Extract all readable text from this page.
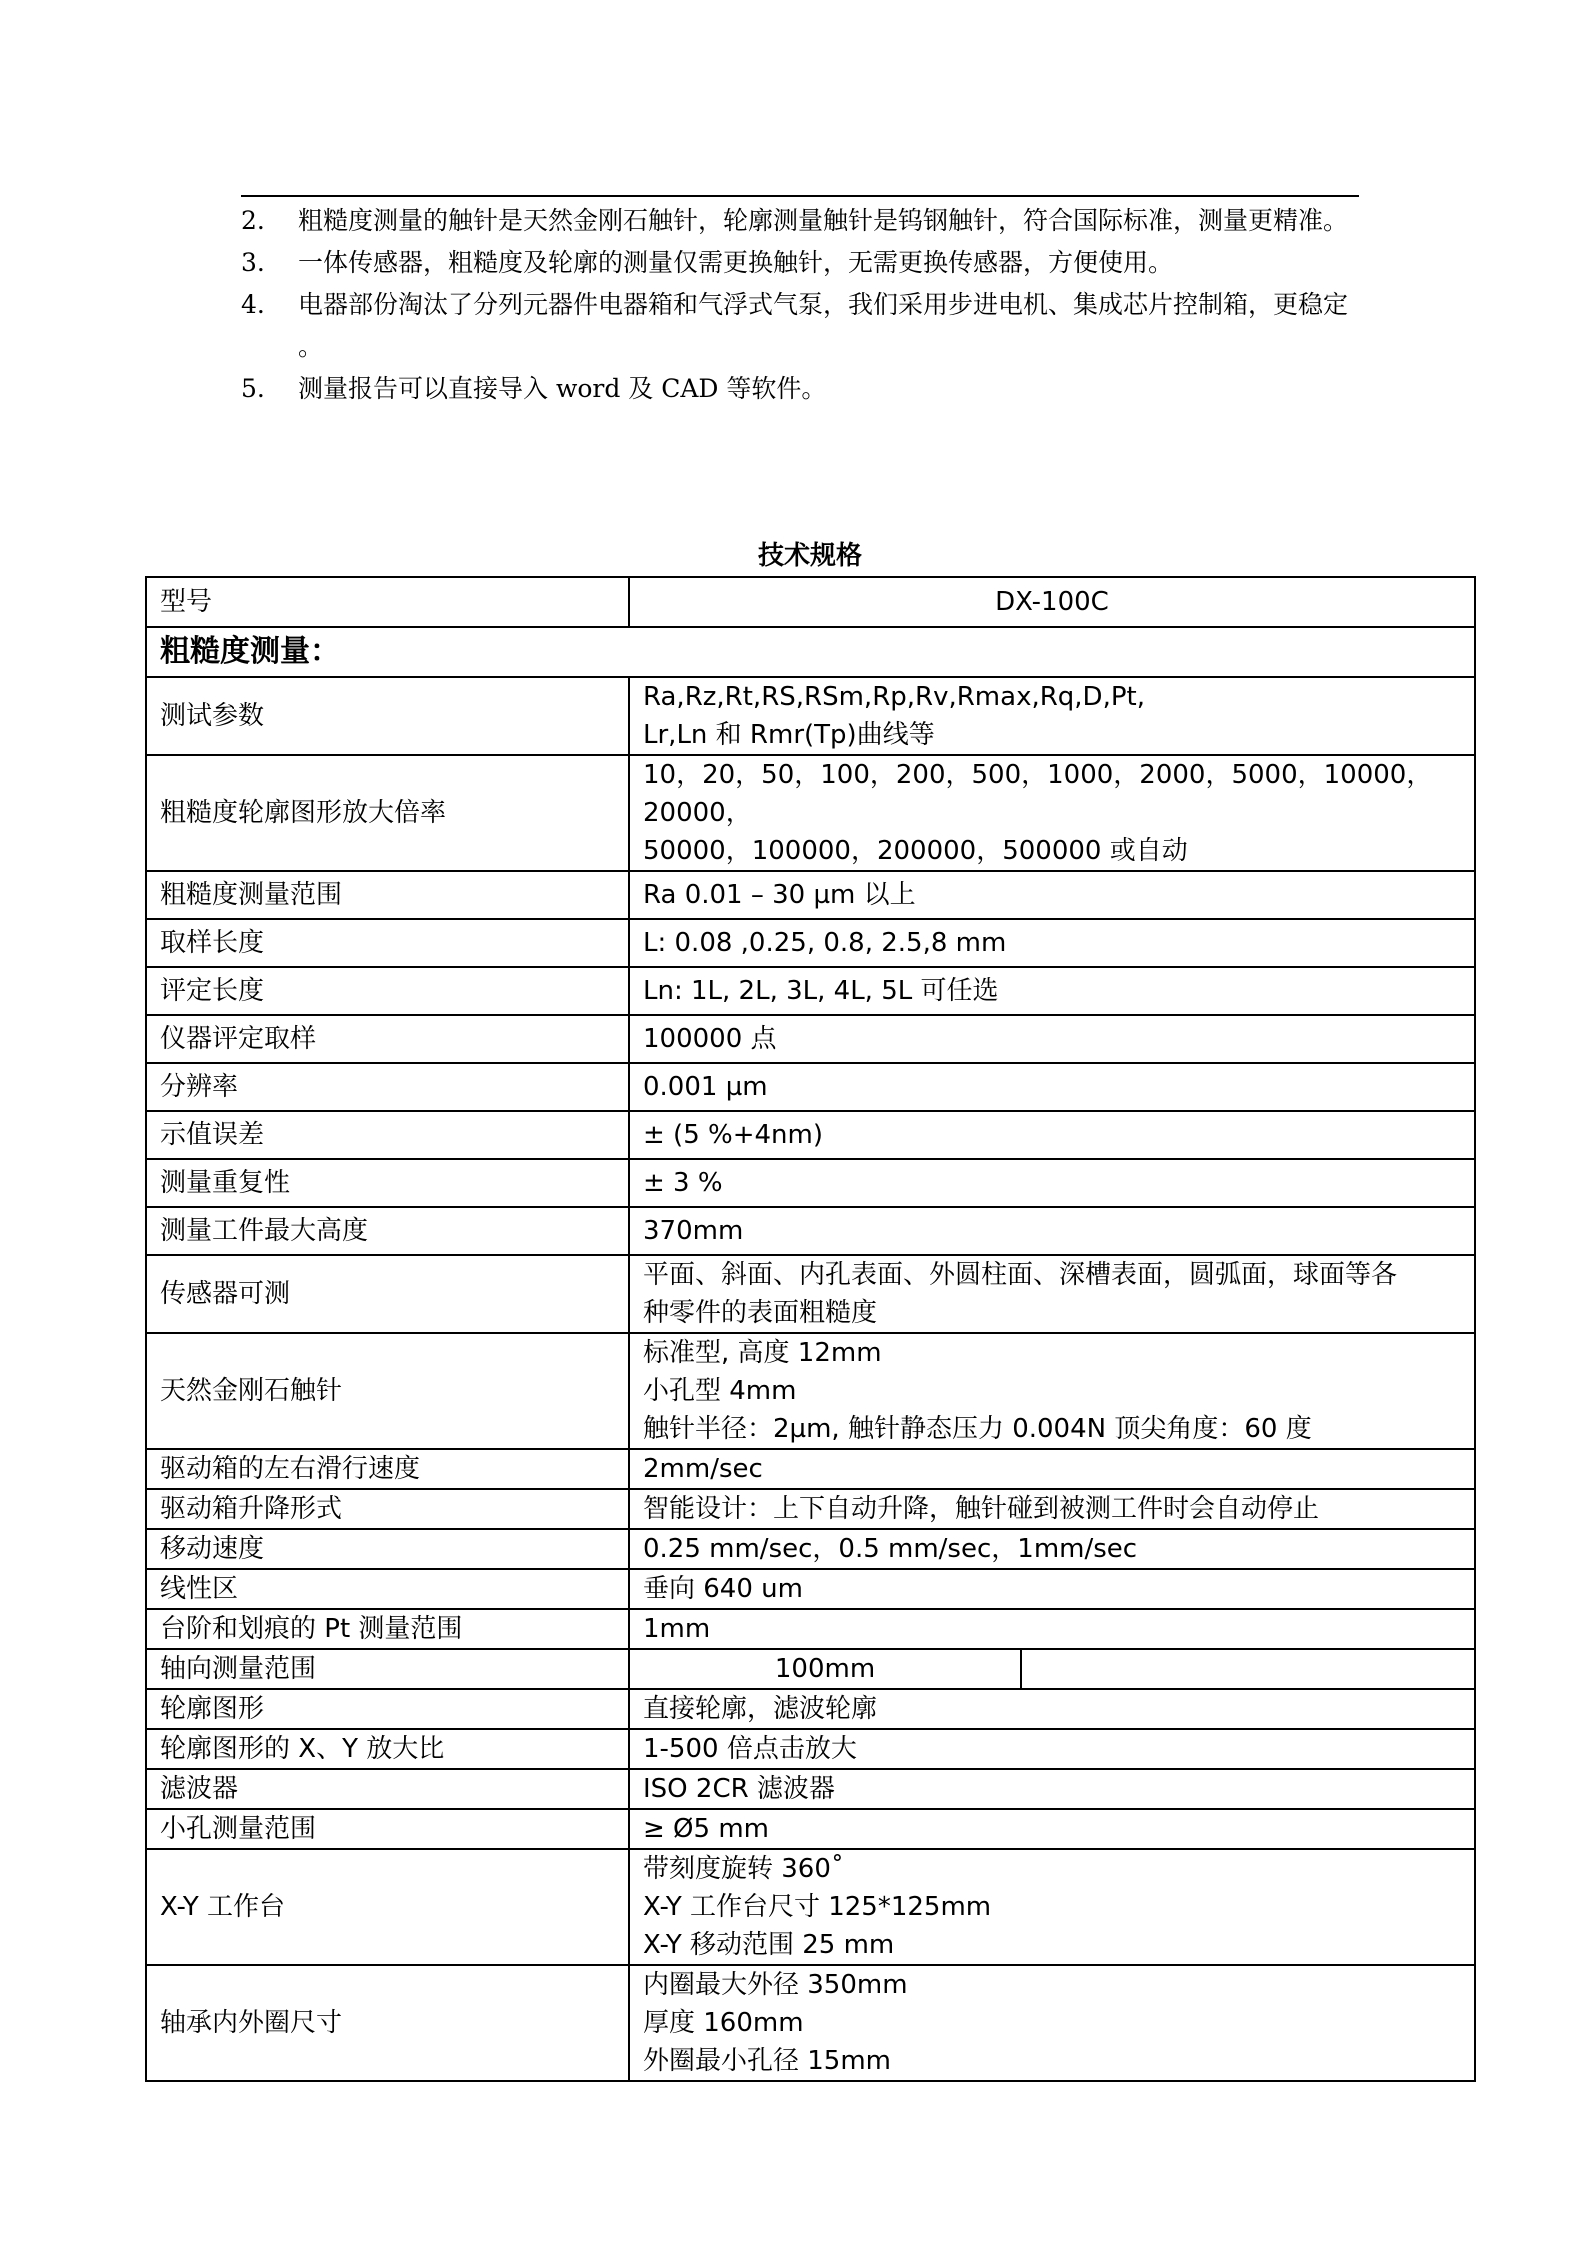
2.	粗糙度测量的触针是天然金刚石触针，轮廓测量触针是钨钢触针，符合国际标准，测量更精准。
3.	一体传感器，粗糙度及轮廓的测量仅需更换触针，无需更换传感器，方便使用。
4.	电器部份淘汰了分列元器件电器箱和气浮式气泵，我们采用步进电机、集成芯片控制箱，更稳定 。
5.	测量报告可以直接导入 word 及 CAD 等软件。
技术规格
型号	DX-100C
粗糙度测量：	
测试参数	Ra,Rz,Rt,RS,RSm,Rp,Rv,Rmax,Rq,D,Pt,
Lr,Ln 和 Rmr(Tp)曲线等

粗糙度轮廓图形放大倍率	10，20，50，100，200，500，1000，2000，5000，10000，20000，
50000，100000，200000，500000 或自动

粗糙度测量范围	Ra 0.01 – 30 µm 以上

取样长度	L: 0.08 ,0.25, 0.8, 2.5,8 mm

评定长度	Ln: 1L, 2L, 3L, 4L, 5L 可任选

仪器评定取样	100000 点

分辨率	0.001 µm

示值误差	± (5 %+4nm)

测量重复性	± 3 %

测量工件最大高度	370mm

传感器可测	平面、斜面、内孔表面、外圆柱面、深槽表面，圆弧面，球面等各
种零件的表面粗糙度

天然金刚石触针	标准型, 高度 12mm
小孔型 4mm
触针半径：2µm, 触针静态压力 0.004N 顶尖角度：60 度

驱动箱的左右滑行速度	2mm/sec

驱动箱升降形式	智能设计：上下自动升降，触针碰到被测工件时会自动停止

移动速度	0.25 mm/sec，0.5 mm/sec，1mm/sec

线性区	垂向 640 um

台阶和划痕的 Pt 测量范围	1mm

轴向测量范围	100mm

轮廓图形	直接轮廓，滤波轮廓

轮廓图形的 X、Y 放大比	1-500 倍点击放大

滤波器	ISO 2CR 滤波器

小孔测量范围	≥ Ø5 mm

X-Y 工作台	带刻度旋转 360˚
X-Y 工作台尺寸 125*125mm
X-Y 移动范围 25 mm

轴承内外圈尺寸	内圈最大外径 350mm
厚度 160mm
外圈最小孔径 15mm
